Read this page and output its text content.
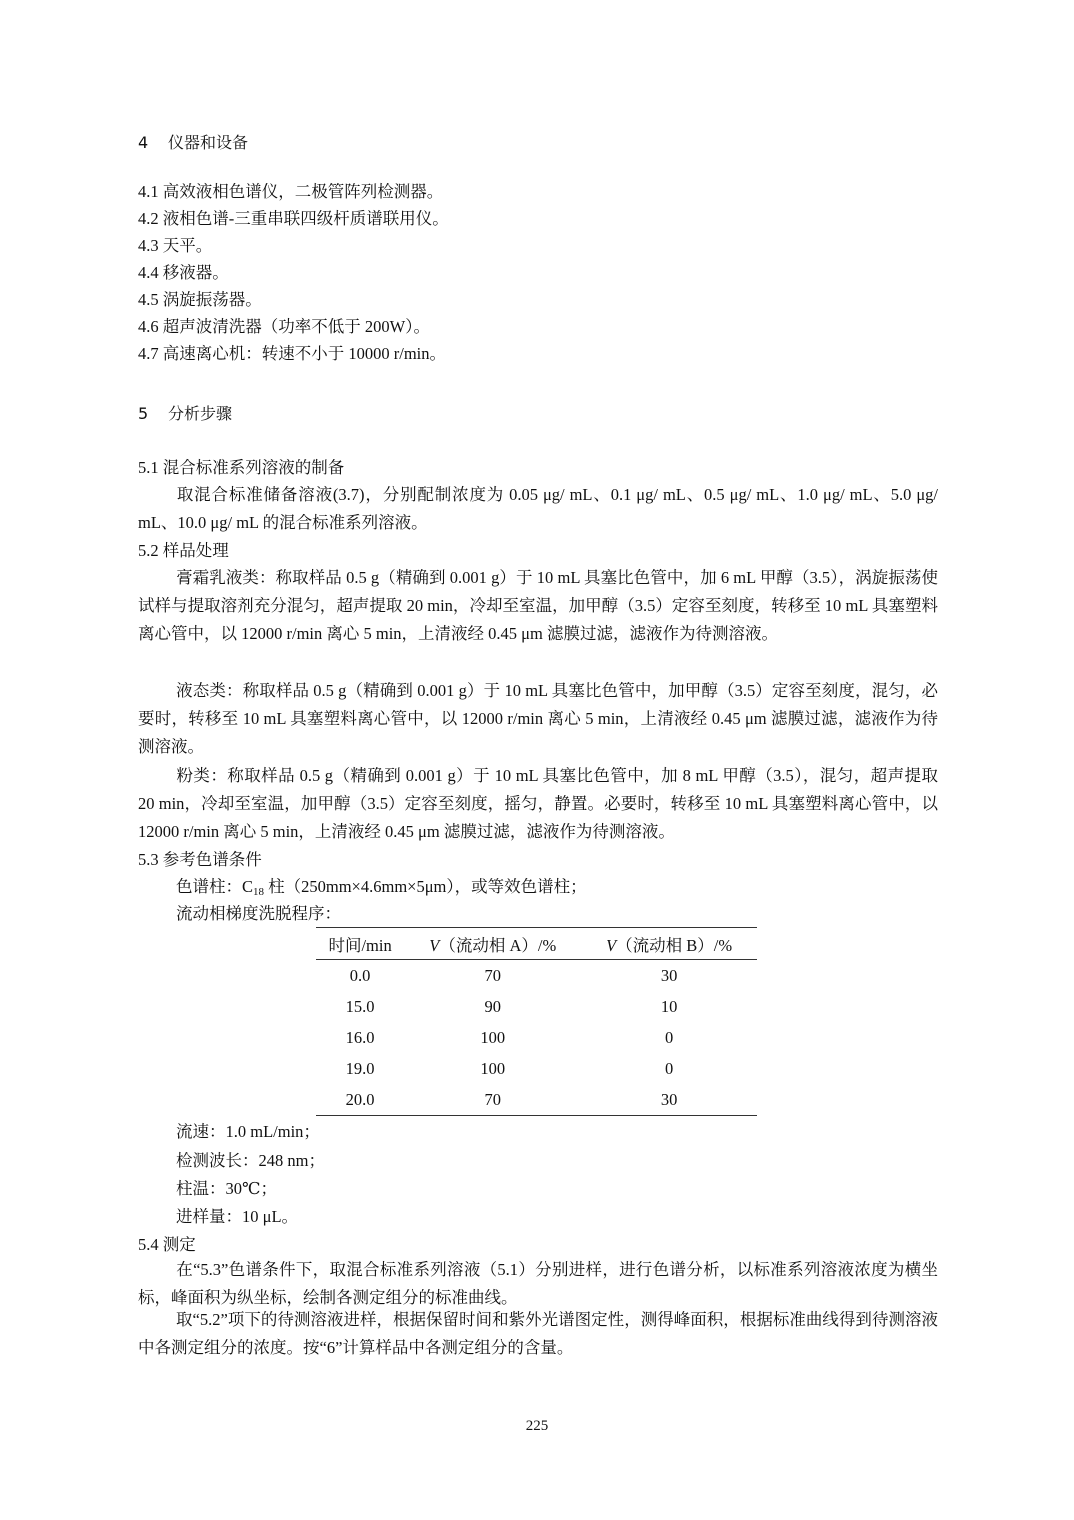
4 仪器和设备
4.1 高效液相色谱仪，二极管阵列检测器。
4.2 液相色谱-三重串联四级杆质谱联用仪。
4.3 天平。
4.4 移液器。
4.5 涡旋振荡器。
4.6 超声波清洗器（功率不低于 200W）。
4.7 高速离心机：转速不小于 10000 r/min。
5 分析步骤
5.1 混合标准系列溶液的制备
取混合标准储备溶液(3.7)，分别配制浓度为 0.05 μg/ mL、0.1 μg/ mL、0.5 μg/ mL、1.0 μg/ mL、5.0 μg/ mL、10.0 μg/ mL 的混合标准系列溶液。
5.2 样品处理
膏霜乳液类：称取样品 0.5 g（精确到 0.001 g）于 10 mL 具塞比色管中，加 6 mL 甲醇（3.5），涡旋振荡使试样与提取溶剂充分混匀，超声提取 20 min，冷却至室温，加甲醇（3.5）定容至刻度，转移至 10 mL 具塞塑料离心管中，以 12000 r/min 离心 5 min，上清液经 0.45 μm 滤膜过滤，滤液作为待测溶液。
液态类：称取样品 0.5 g（精确到 0.001 g）于 10 mL 具塞比色管中，加甲醇（3.5）定容至刻度，混匀，必要时，转移至 10 mL 具塞塑料离心管中，以 12000 r/min 离心 5 min，上清液经 0.45 μm 滤膜过滤，滤液作为待测溶液。
粉类：称取样品 0.5 g（精确到 0.001 g）于 10 mL 具塞比色管中，加 8 mL 甲醇（3.5），混匀，超声提取 20 min，冷却至室温，加甲醇（3.5）定容至刻度，摇匀，静置。必要时，转移至 10 mL 具塞塑料离心管中，以 12000 r/min 离心 5 min，上清液经 0.45 μm 滤膜过滤，滤液作为待测溶液。
5.3 参考色谱条件
色谱柱：$C_{18}$ 柱（250mm×4.6mm×5μm），或等效色谱柱；
流动相梯度洗脱程序：
时间/min	V（流动相 A）/%	V（流动相 B）/%
0.0	70	30
15.0	90	10
16.0	100	0
19.0	100	0
20.0	70	30
流速：1.0 mL/min；
检测波长：248 nm；
柱温：30℃；
进样量：10 μL。
5.4 测定
在“5.3”色谱条件下，取混合标准系列溶液（5.1）分别进样，进行色谱分析，以标准系列溶液浓度为横坐标，峰面积为纵坐标，绘制各测定组分的标准曲线。
取“5.2”项下的待测溶液进样，根据保留时间和紫外光谱图定性，测得峰面积，根据标准曲线得到待测溶液中各测定组分的浓度。按“6”计算样品中各测定组分的含量。
225
